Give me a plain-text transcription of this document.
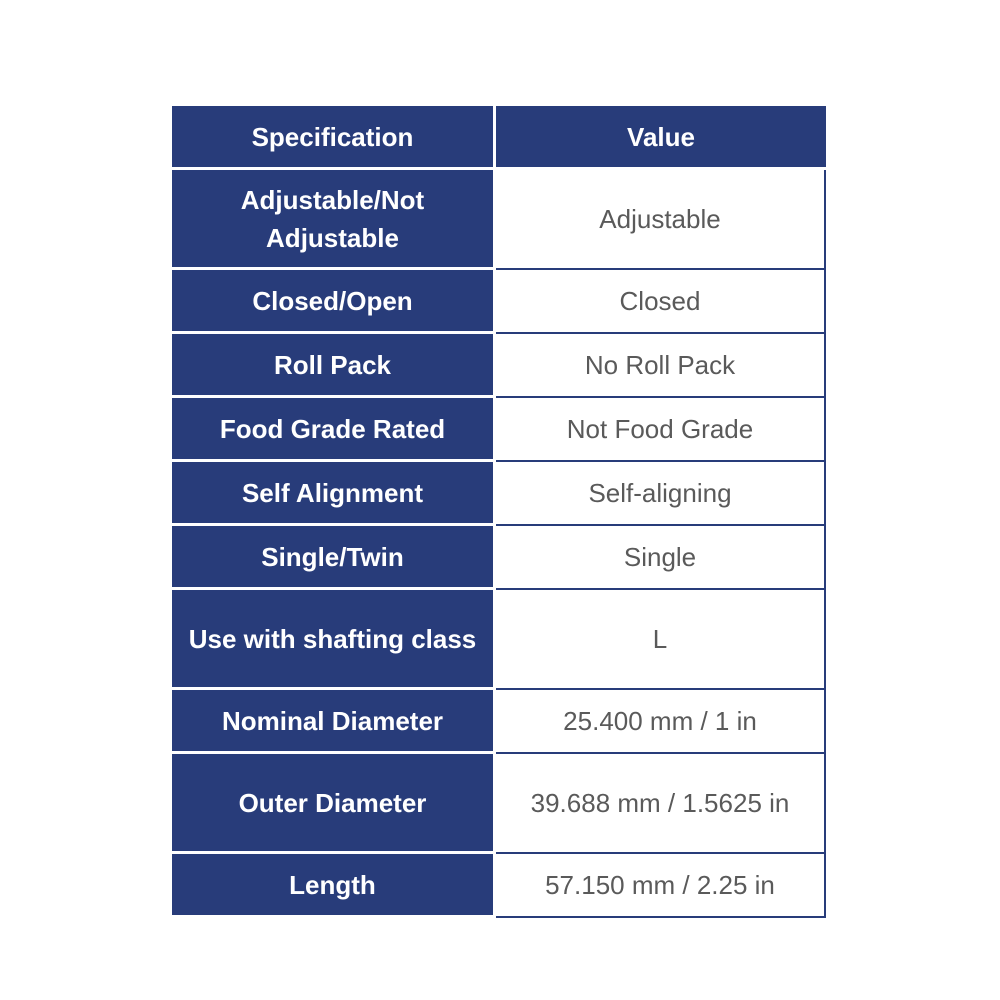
Specification	Value
Adjustable/Not Adjustable	Adjustable
Closed/Open	Closed
Roll Pack	No Roll Pack
Food Grade Rated	Not Food Grade
Self Alignment	Self-aligning
Single/Twin	Single
Use with shafting class	L
Nominal Diameter	25.400 mm / 1 in
Outer Diameter	39.688 mm / 1.5625 in
Length	57.150 mm / 2.25 in
